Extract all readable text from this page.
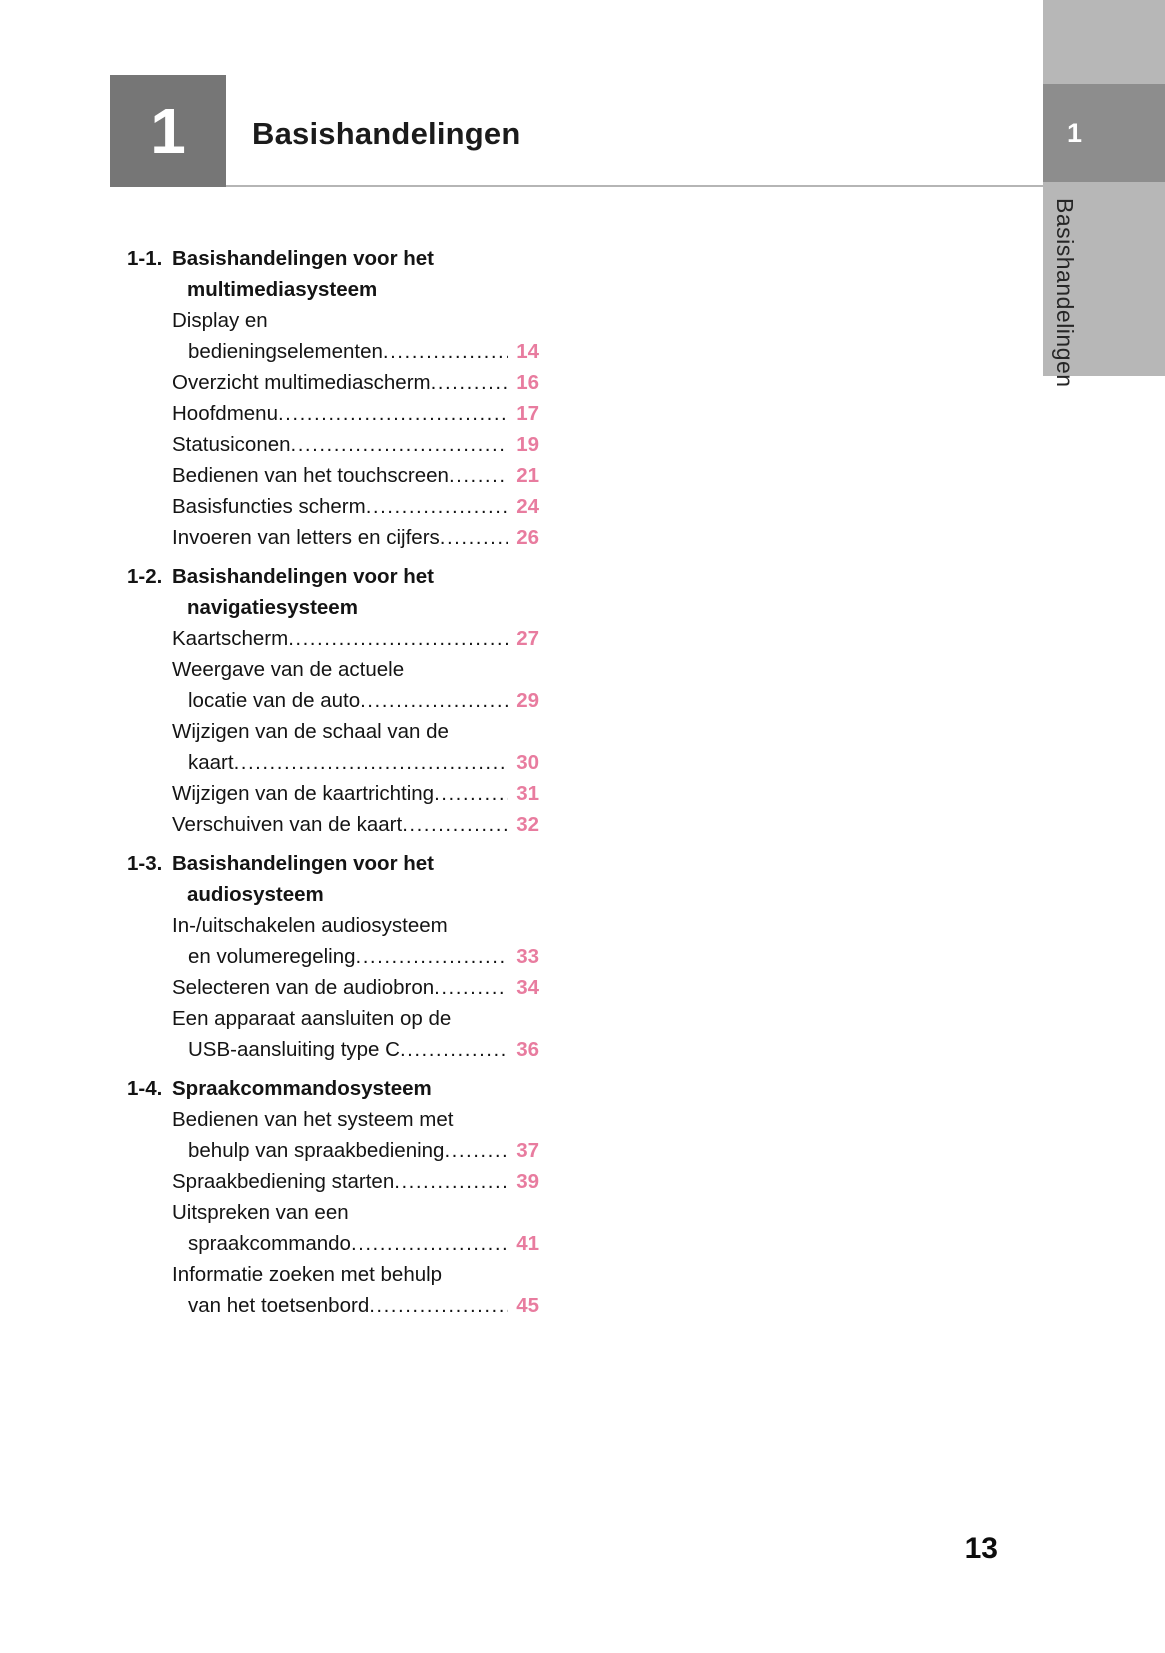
1 Basishandelingen	1
Basishandelingen
1-1. Basishandelingen voor het
multimediasysteem
Display en
bedieningselementen .....	14
Overzicht multimediascherm .....	16
Hoofdmenu .....	17
Statusiconen .....	19
Bedienen van het touchscreen .....	21
Basisfuncties scherm .....	24
Invoeren van letters en cijfers .....	26
1-2. Basishandelingen voor het
navigatiesysteem
Kaartscherm .....	27
Weergave van de actuele
locatie van de auto .....	29
Wijzigen van de schaal van de
kaart .....	30
Wijzigen van de kaartrichting .....	31
Verschuiven van de kaart .....	32
1-3. Basishandelingen voor het
audiosysteem
In-/uitschakelen audiosysteem
en volumeregeling .....	33
Selecteren van de audiobron .....	34
Een apparaat aansluiten op de
USB-aansluiting type C .....	36
1-4. Spraakcommandosysteem
Bedienen van het systeem met
behulp van spraakbediening .....	37
Spraakbediening starten .....	39
Uitspreken van een
spraakcommando .....	41
Informatie zoeken met behulp
van het toetsenbord .....	45
13
